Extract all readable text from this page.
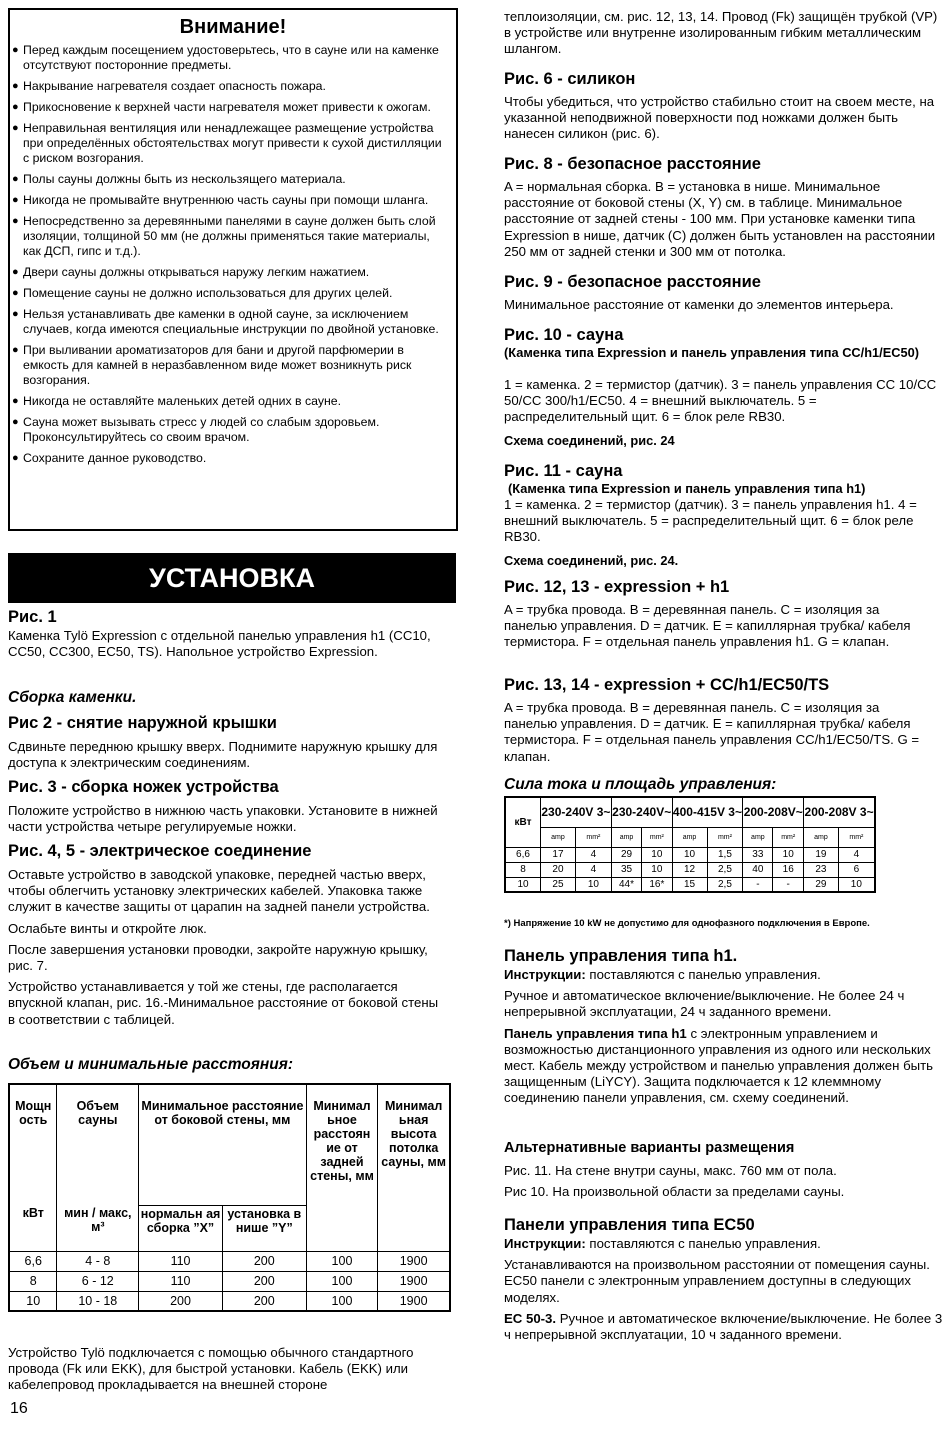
Внимание!
● Перед каждым посещением удостоверьтесь, что в сауне или на каменке отсутствуют посторонние предметы.
● Накрывание нагревателя создает опасность пожара.
● Прикосновение к верхней части нагревателя может привести к ожогам.
● Неправильная вентиляция или ненадлежащее размещение устройства при определённых обстоятельствах могут привести к сухой дистилляции с риском возгорания.
● Полы сауны должны быть из нескользящего материала.
● Никогда не промывайте внутреннюю часть сауны при помощи шланга.
● Непосредственно за деревянными панелями в сауне должен быть слой изоляции, толщиной 50 мм (не должны применяться такие материалы, как ДСП, гипс и т.д.).
● Двери сауны должны открываться наружу легким нажатием.
● Помещение сауны не должно использоваться для других целей.
● Нельзя устанавливать две каменки в одной сауне, за исключением случаев, когда имеются специальные инструкции по двойной установке.
● При выливании ароматизаторов для бани и другой парфюмерии в емкость для камней в неразбавленном виде может возникнуть риск возгорания.
● Никогда не оставляйте маленьких детей одних в сауне.
● Сауна может вызывать стресс у людей со слабым здоровьем. Проконсультируйтесь со своим врачом.
● Сохраните данное руководство.
УСТАНОВКА
Рис. 1
Каменка Tylö Expression с отдельной панелью управления h1 (CC10, CC50, CC300, EC50, TS). Напольное устройство Expression.
Сборка каменки.
Рис 2 - снятие наружной крышки
Сдвиньте переднюю крышку вверх. Поднимите наружную крышку для доступа к электрическим соединениям.
Рис. 3 - сборка ножек устройства
Положите устройство в нижнюю часть упаковки. Установите в нижней части устройства четыре регулируемые ножки.
Рис. 4, 5 - электрическое соединение

Оставьте устройство в заводской упаковке, передней частью вверх, чтобы облегчить установку электрических кабелей. Упаковка также служит в качестве защиты от царапин на задней панели устройства.

Ослабьте винты и откройте люк.

После завершения установки проводки, закройте наружную крышку, рис. 7.

Устройство устанавливается у той же стены, где располагается впускной клапан, рис. 16.-Минимальное расстояние от боковой стены в соответствии с таблицей.

Объем и минимальные расстояния:
Мощн ость	Объем сауны	Минимальное расстояние от боковой стены, мм		Минимал ьное расстоян ие от задней стены, мм	Минимал ьная высота потолка сауны, мм
кВт	мин / макс, м³	нормальн ая сборка ”X”	установка в нише ”Y”		
6,6	4 - 8	110	200	100	1900
8	6 - 12	110	200	100	1900
10	10 - 18	200	200	100	1900
Устройство Tylö подключается с помощью обычного стандартного провода (Fk или EKK), для быстрой установки. Кабель (EKK) или кабелепровод прокладывается на внешней стороне
16
теплоизоляции, см. рис. 12, 13, 14. Провод (Fk) защищён трубкой (VP) в устройстве или внутренне изолированным гибким металлическим шлангом.
Рис. 6 - силикон
Чтобы убедиться, что устройство стабильно стоит на своем месте, на указанной неподвижной поверхности под ножками должен быть нанесен силикон (рис. 6).
Рис. 8 - безопасное расстояние
A = нормальная сборка. B = установка в нише. Минимальное расстояние от боковой стены (X, Y) см. в таблице. Минимальное расстояние от задней стены - 100 мм. При установке каменки типа Expression в нише, датчик (C) должен быть установлен на расстоянии 250 мм от задней стенки и 300 мм от потолка.
Рис. 9 - безопасное расстояние
Минимальное расстояние от каменки до элементов интерьера.
Рис. 10 - сауна
(Каменка типа Expression и панель управления типа CC/h1/EC50)
1 = каменка. 2 = термистор (датчик). 3 = панель управления CC 10/CC 50/CC 300/h1/EC50. 4 = внешний выключатель. 5 = распределительный щит. 6 = блок реле RB30.
Схема соединений, рис. 24
Рис. 11 - сауна
(Каменка типа Expression и панель управления типа h1)
1 = каменка. 2 = термистор (датчик). 3 = панель управления h1. 4 = внешний выключатель. 5 = распределительный щит. 6 = блок реле RB30.
Схема соединений, рис. 24.
Рис. 12, 13 - expression + h1
A = трубка провода. B = деревянная панель. C = изоляция за панелью управления. D = датчик. E = капиллярная трубка/ кабеля термистора. F = отдельная панель управления h1. G = клапан.
Рис. 13, 14 - expression + CC/h1/EC50/TS
A = трубка провода. B = деревянная панель. C = изоляция за панелью управления. D = датчик. E = капиллярная трубка/ кабеля термистора. F = отдельная панель управления CC/h1/EC50/TS. G = клапан.
Сила тока и площадь управления:
кВт	230-240V 3~		230-240V~		400-415V 3~		200-208V~		200-208V 3~	
	amp	mm²	amp	mm²	amp	mm²	amp	mm²	amp	mm²
6,6	17	4	29	10	10	1,5	33	10	19	4
8	20	4	35	10	12	2,5	40	16	23	6
10	25	10	44*	16*	15	2,5	-	-	29	10
*) Напряжение 10 kW не допустимо для однофазного подключения в Европе.
Панель управления типа h1.

Инструкции: поставляются с панелью управления.

Ручное и автоматическое включение/выключение. Не более 24 ч непрерывной эксплуатации, 24 ч заданного времени.

Панель управления типа h1 с электронным управлением и возможностью дистанционного управления из одного или нескольких мест. Кабель между устройством и панелью управления должен быть защищенным (LiYCY). Защита подключается к 12 клеммному соединению панели управления, см. схему соединений.

Альтернативные варианты размещения

Рис. 11. На стене внутри сауны, макс. 760 мм от пола.

Рис 10. На произвольной области за пределами сауны.

Панели управления типа EC50

Инструкции: поставляются с панелью управления.

Устанавливаются на произвольном расстоянии от помещения сауны.

EC50 панели с электронным управлением доступны в следующих моделях.

EC 50-3. Ручное и автоматическое включение/выключение. Не более 3 ч непрерывной эксплуатации, 10 ч заданного времени.
